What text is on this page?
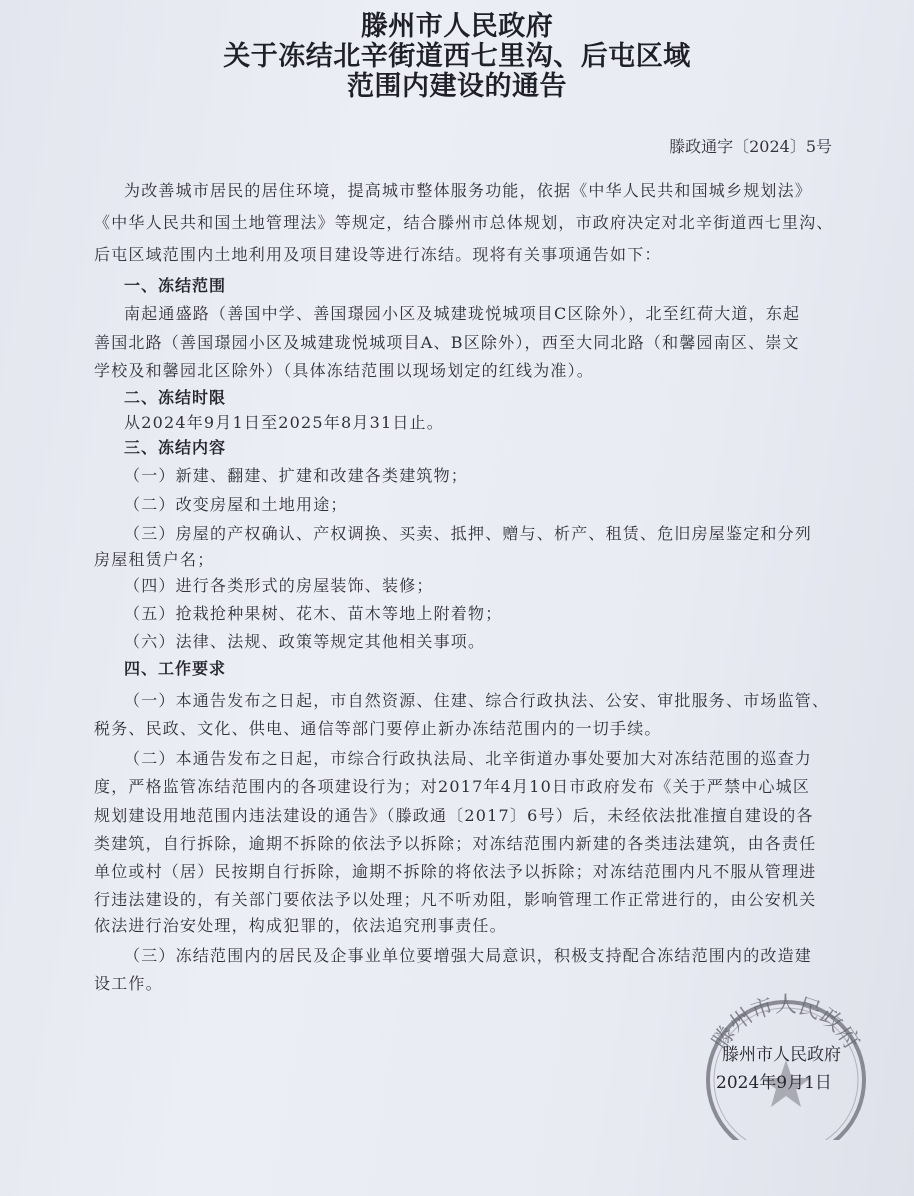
滕州市人民政府
关于冻结北辛街道西七里沟、后屯区域
范围内建设的通告
滕政通字〔2024〕5号
为改善城市居民的居住环境，提高城市整体服务功能，依据《中华人民共和国城乡规划法》
《中华人民共和国土地管理法》等规定，结合滕州市总体规划，市政府决定对北辛街道西七里沟、
后屯区域范围内土地利用及项目建设等进行冻结。现将有关事项通告如下：
一、冻结范围
南起通盛路（善国中学、善国璟园小区及城建珑悦城项目C区除外），北至红荷大道，东起
善国北路（善国璟园小区及城建珑悦城项目A、B区除外），西至大同北路（和馨园南区、崇文
学校及和馨园北区除外）（具体冻结范围以现场划定的红线为准）。
二、冻结时限
从2024年9月1日至2025年8月31日止。
三、冻结内容
（一）新建、翻建、扩建和改建各类建筑物；
（二）改变房屋和土地用途；
（三）房屋的产权确认、产权调换、买卖、抵押、赠与、析产、租赁、危旧房屋鉴定和分列
房屋租赁户名；
（四）进行各类形式的房屋装饰、装修；
（五）抢栽抢种果树、花木、苗木等地上附着物；
（六）法律、法规、政策等规定其他相关事项。
四、工作要求
（一）本通告发布之日起，市自然资源、住建、综合行政执法、公安、审批服务、市场监管、
税务、民政、文化、供电、通信等部门要停止新办冻结范围内的一切手续。
（二）本通告发布之日起，市综合行政执法局、北辛街道办事处要加大对冻结范围的巡查力
度，严格监管冻结范围内的各项建设行为；对2017年4月10日市政府发布《关于严禁中心城区
规划建设用地范围内违法建设的通告》（滕政通〔2017〕6号）后，未经依法批准擅自建设的各
类建筑，自行拆除，逾期不拆除的依法予以拆除；对冻结范围内新建的各类违法建筑，由各责任
单位或村（居）民按期自行拆除，逾期不拆除的将依法予以拆除；对冻结范围内凡不服从管理进
行违法建设的，有关部门要依法予以处理；凡不听劝阻，影响管理工作正常进行的，由公安机关
依法进行治安处理，构成犯罪的，依法追究刑事责任。
（三）冻结范围内的居民及企事业单位要增强大局意识，积极支持配合冻结范围内的改造建
设工作。
滕州市人民政府
滕州市人民政府
2024年9月1日
